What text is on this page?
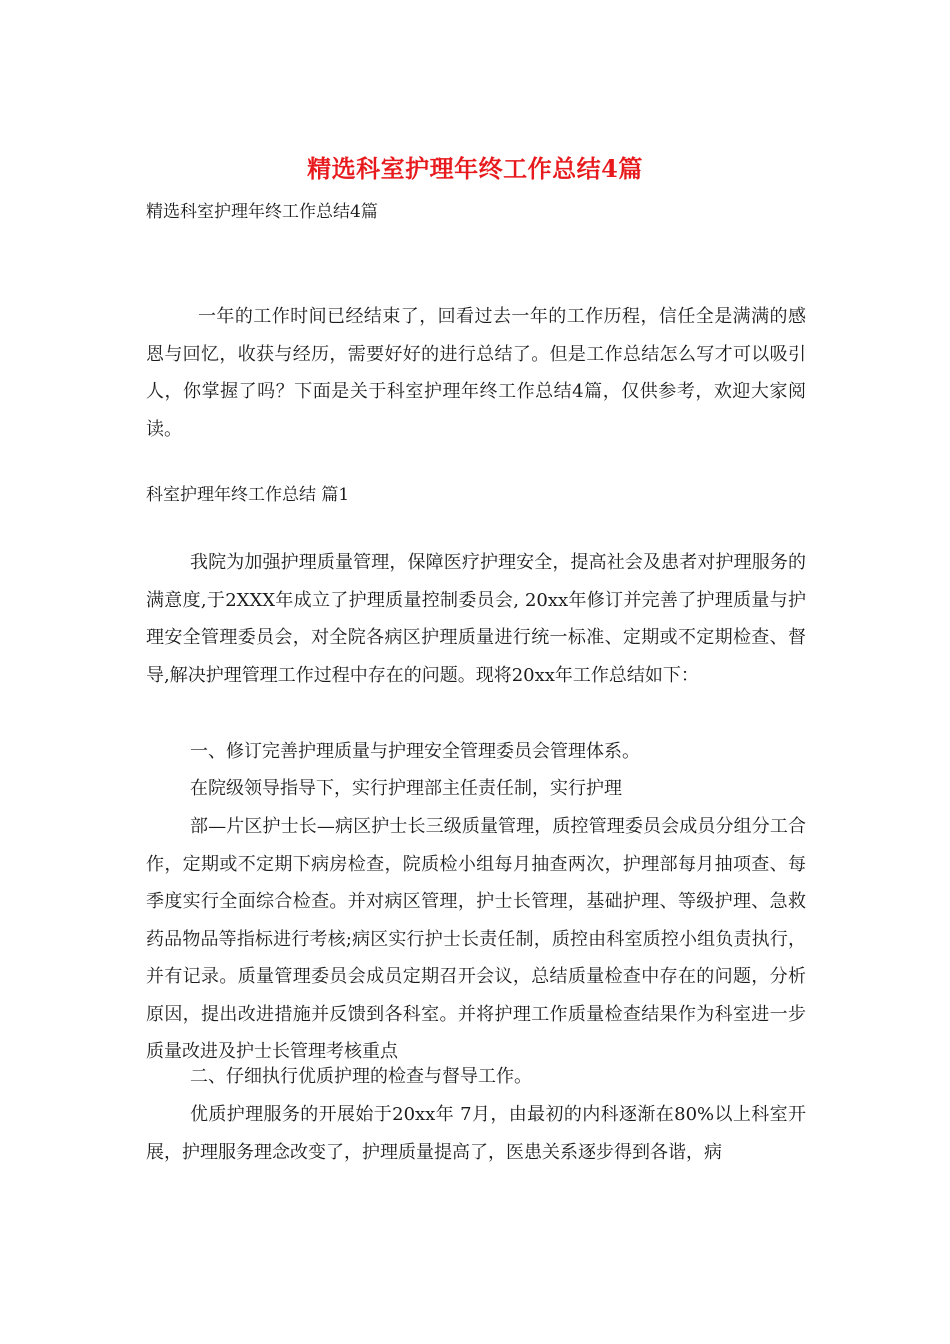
精选科室护理年终工作总结4篇
精选科室护理年终工作总结4篇

一年的工作时间已经结束了，回看过去一年的工作历程，信任全是满满的感恩与回忆，收获与经历，需要好好的进行总结了。但是工作总结怎么写才可以吸引人，你掌握了吗？下面是关于科室护理年终工作总结4篇，仅供参考，欢迎大家阅读。

科室护理年终工作总结 篇1

我院为加强护理质量管理，保障医疗护理安全，提高社会及患者对护理服务的满意度,于2XXX年成立了护理质量控制委员会, 20xx年修订并完善了护理质量与护理安全管理委员会，对全院各病区护理质量进行统一标准、定期或不定期检查、督导,解决护理管理工作过程中存在的问题。现将20xx年工作总结如下：

一、修订完善护理质量与护理安全管理委员会管理体系。

在院级领导指导下，实行护理部主任责任制，实行护理

部—片区护士长—病区护士长三级质量管理，质控管理委员会成员分组分工合作，定期或不定期下病房检查，院质检小组每月抽查两次，护理部每月抽项查、每季度实行全面综合检查。并对病区管理，护士长管理，基础护理、等级护理、急救药品物品等指标进行考核;病区实行护士长责任制，质控由科室质控小组负责执行，并有记录。质量管理委员会成员定期召开会议，总结质量检查中存在的问题，分析原因，提出改进措施并反馈到各科室。并将护理工作质量检查结果作为科室进一步质量改进及护士长管理考核重点

二、仔细执行优质护理的检查与督导工作。

优质护理服务的开展始于20xx年 7月，由最初的内科逐渐在80%以上科室开展，护理服务理念改变了，护理质量提高了，医患关系逐步得到各谐，病
